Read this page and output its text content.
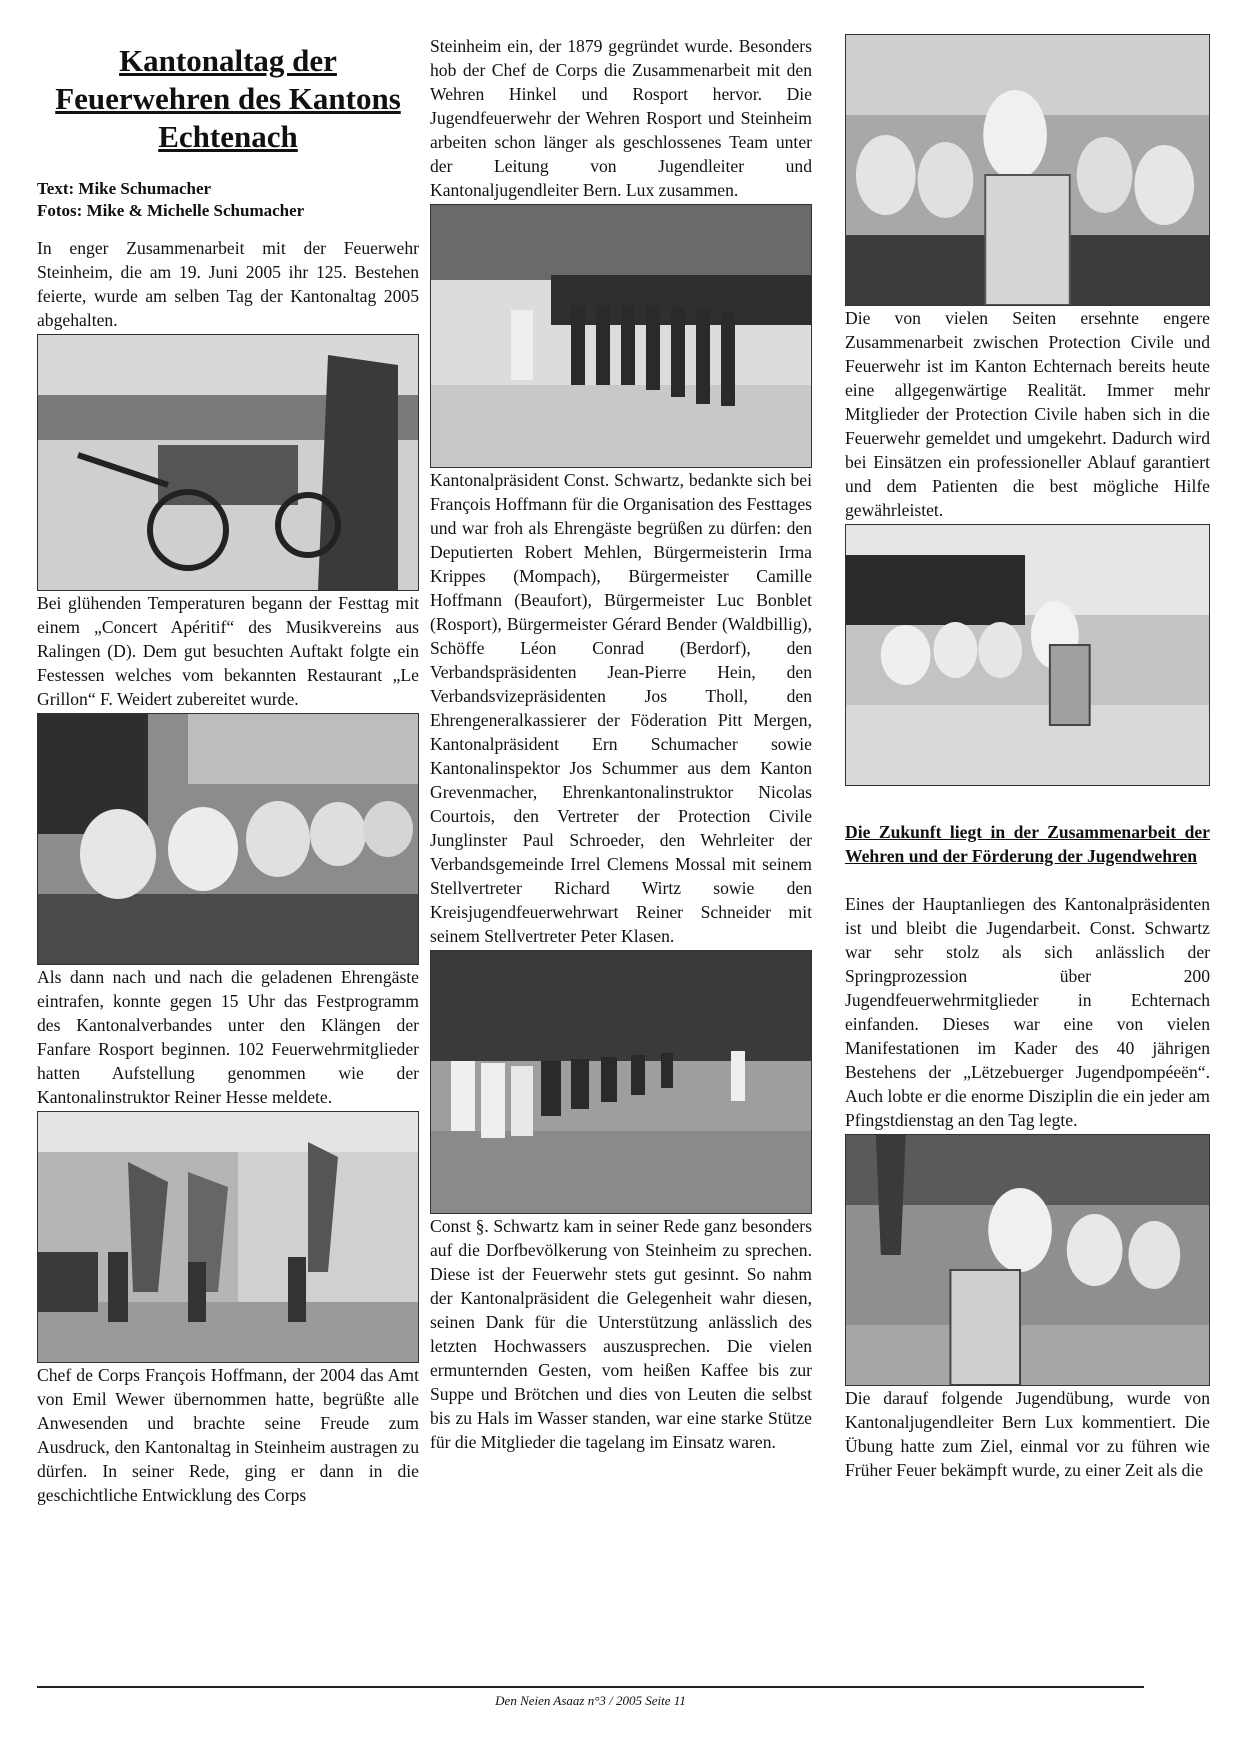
Kantonaltag der Feuerwehren des Kantons Echtenach

Text: Mike Schumacher

Fotos: Mike & Michelle Schumacher

In enger Zusammenarbeit mit der Feuerwehr Steinheim, die am 19. Juni 2005 ihr 125. Bestehen feierte, wurde am selben Tag der Kantonaltag 2005 abgehalten.

Bei glühenden Temperaturen begann der Festtag mit einem „Concert Apéritif“ des Musikvereins aus Ralingen (D). Dem gut besuchten Auftakt folgte ein Festessen welches vom bekannten Restaurant „Le Grillon“ F. Weidert zubereitet wurde.

Als dann nach und nach die geladenen Ehrengäste eintrafen, konnte gegen 15 Uhr das Festprogramm des Kantonalverbandes unter den Klängen der Fanfare Rosport beginnen. 102 Feuerwehrmitglieder hatten Aufstellung genommen wie der Kantonalinstruktor Reiner Hesse meldete.

Chef de Corps François Hoffmann, der 2004 das Amt von Emil Wewer übernommen hatte, begrüßte alle Anwesenden und brachte seine Freude zum Ausdruck, den Kantonaltag in Steinheim austragen zu dürfen. In seiner Rede, ging er dann in die geschichtliche Entwicklung des Corps

Steinheim ein, der 1879 gegründet wurde. Besonders hob der Chef de Corps die Zusammenarbeit mit den Wehren Hinkel und Rosport hervor. Die Jugendfeuerwehr der Wehren Rosport und Steinheim arbeiten schon länger als geschlossenes Team unter der Leitung von Jugendleiter und Kantonaljugendleiter Bern. Lux zusammen.

Kantonalpräsident Const. Schwartz, bedankte sich bei François Hoffmann für die Organisation des Festtages und war froh als Ehrengäste begrüßen zu dürfen: den Deputierten Robert Mehlen, Bürgermeisterin Irma Krippes (Mompach), Bürgermeister Camille Hoffmann (Beaufort), Bürgermeister Luc Bonblet (Rosport), Bürgermeister Gérard Bender (Waldbillig), Schöffe Léon Conrad (Berdorf), den Verbandspräsidenten Jean-Pierre Hein, den Verbandsvizepräsidenten Jos Tholl, den Ehrengeneralkassierer der Föderation Pitt Mergen, Kantonalpräsident Ern Schumacher sowie Kantonalinspektor Jos Schummer aus dem Kanton Grevenmacher, Ehrenkantonalinstruktor Nicolas Courtois, den Vertreter der Protection Civile Junglinster Paul Schroeder, den Wehrleiter der Verbandsgemeinde Irrel Clemens Mossal mit seinem Stellvertreter Richard Wirtz sowie den Kreisjugendfeuerwehrwart Reiner Schneider mit seinem Stellvertreter Peter Klasen.

Const §. Schwartz kam in seiner Rede ganz besonders auf die Dorfbevölkerung von Steinheim zu sprechen. Diese ist der Feuerwehr stets gut gesinnt. So nahm der Kantonalpräsident die Gelegenheit wahr diesen, seinen Dank für die Unterstützung anlässlich des letzten Hochwassers auszusprechen. Die vielen ermunternden Gesten, vom heißen Kaffee bis zur Suppe und Brötchen und dies von Leuten die selbst bis zu Hals im Wasser standen, war eine starke Stütze für die Mitglieder die tagelang im Einsatz waren.

Die von vielen Seiten ersehnte engere Zusammenarbeit zwischen Protection Civile und Feuerwehr ist im Kanton Echternach bereits heute eine allgegenwärtige Realität. Immer mehr Mitglieder der Protection Civile haben sich in die Feuerwehr gemeldet und umgekehrt. Dadurch wird bei Einsätzen ein professioneller Ablauf garantiert und dem Patienten die best mögliche Hilfe gewährleistet.

Die Zukunft liegt in der Zusammenarbeit der Wehren und der Förderung der Jugendwehren

Eines der Hauptanliegen des Kantonalpräsidenten ist und bleibt die Jugendarbeit. Const. Schwartz war sehr stolz als sich anlässlich der Springprozession über 200 Jugendfeuerwehrmitglieder in Echternach einfanden. Dieses war eine von vielen Manifestationen im Kader des 40 jährigen Bestehens der „Lëtzebuerger Jugendpompéeën“. Auch lobte er die enorme Disziplin die ein jeder am Pfingstdienstag an den Tag legte.

Die darauf folgende Jugendübung, wurde von Kantonaljugendleiter Bern Lux kommentiert. Die Übung hatte zum Ziel, einmal vor zu führen wie Früher Feuer bekämpft wurde, zu einer Zeit als die

Den Neien Asaaz n°3 / 2005 Seite 11
